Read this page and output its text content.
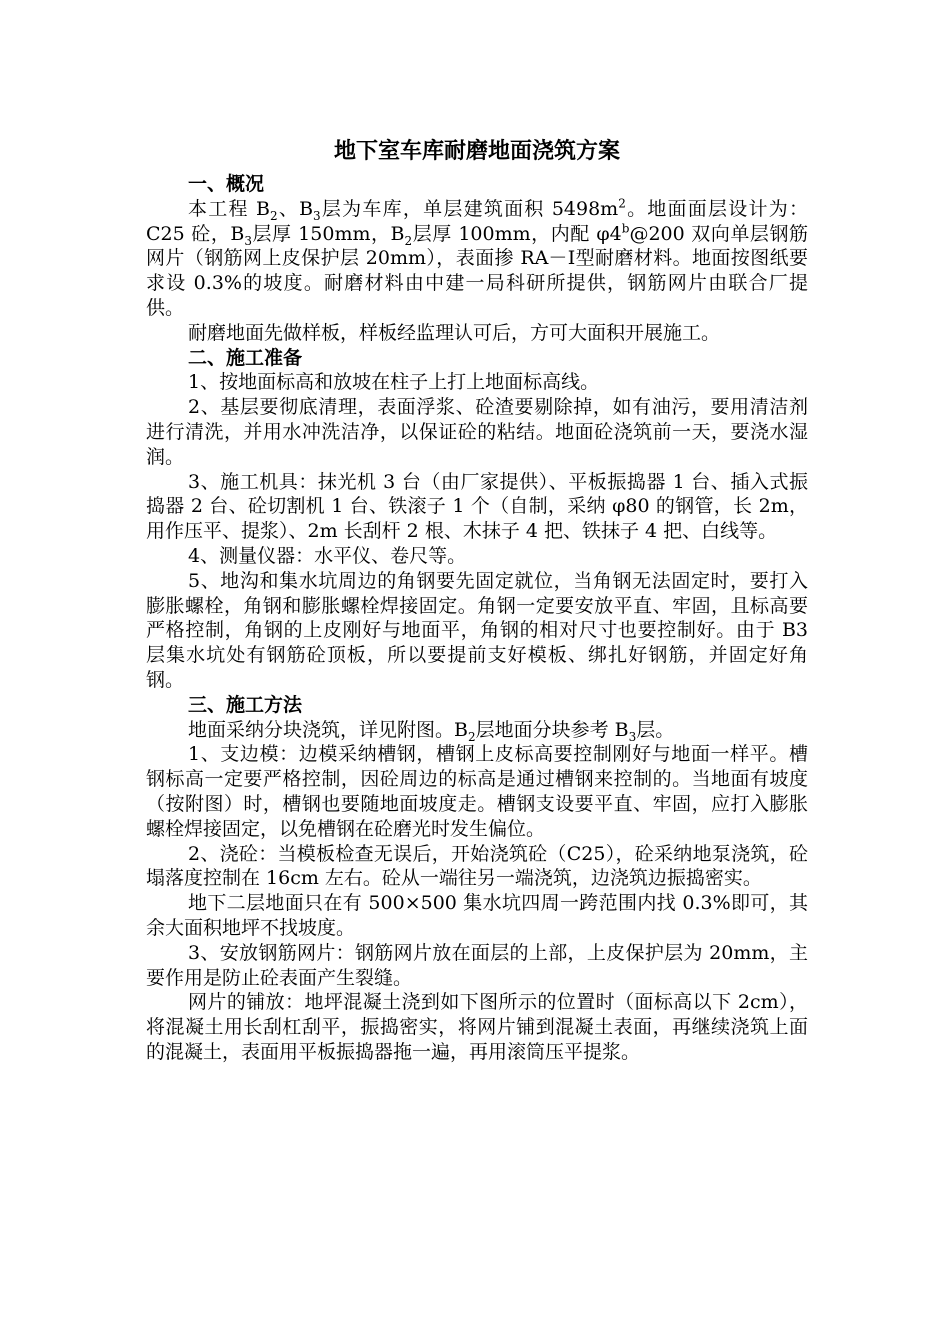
地下室车库耐磨地面浇筑方案
一、概况

本工程 $B_2$、$B_3$层为车库，单层建筑面积 $5498m^2$。地面面层设计为：C25 砼，$B_3$层厚 150mm，$B_2$层厚 100mm，内配 φ4$^b$@200 双向单层钢筋网片（钢筋网上皮保护层 20mm），表面掺 RA－Ⅰ型耐磨材料。地面按图纸要求设 0.3%的坡度。耐磨材料由中建一局科研所提供，钢筋网片由联合厂提供。

耐磨地面先做样板，样板经监理认可后，方可大面积开展施工。

二、施工准备

1、按地面标高和放坡在柱子上打上地面标高线。

2、基层要彻底清理，表面浮浆、砼渣要剔除掉，如有油污，要用清洁剂进行清洗，并用水冲洗洁净，以保证砼的粘结。地面砼浇筑前一天，要浇水湿润。

3、施工机具：抹光机 3 台（由厂家提供）、平板振捣器 1 台、插入式振捣器 2 台、砼切割机 1 台、铁滚子 1 个（自制，采纳 φ80 的钢管，长 2m，用作压平、提浆）、2m 长刮杆 2 根、木抹子 4 把、铁抹子 4 把、白线等。

4、测量仪器：水平仪、卷尺等。

5、地沟和集水坑周边的角钢要先固定就位，当角钢无法固定时，要打入膨胀螺栓，角钢和膨胀螺栓焊接固定。角钢一定要安放平直、牢固，且标高要严格控制，角钢的上皮刚好与地面平，角钢的相对尺寸也要控制好。由于 B3 层集水坑处有钢筋砼顶板，所以要提前支好模板、绑扎好钢筋，并固定好角钢。

三、施工方法

地面采纳分块浇筑，详见附图。$B_2$层地面分块参考 $B_3$层。

1、支边模：边模采纳槽钢，槽钢上皮标高要控制刚好与地面一样平。槽钢标高一定要严格控制，因砼周边的标高是通过槽钢来控制的。当地面有坡度（按附图）时，槽钢也要随地面坡度走。槽钢支设要平直、牢固，应打入膨胀螺栓焊接固定，以免槽钢在砼磨光时发生偏位。

2、浇砼：当模板检查无误后，开始浇筑砼（C25），砼采纳地泵浇筑，砼塌落度控制在 16cm 左右。砼从一端往另一端浇筑，边浇筑边振捣密实。

地下二层地面只在有 500×500 集水坑四周一跨范围内找 0.3%即可，其余大面积地坪不找坡度。

3、安放钢筋网片：钢筋网片放在面层的上部，上皮保护层为 20mm，主要作用是防止砼表面产生裂缝。

网片的铺放：地坪混凝土浇到如下图所示的位置时（面标高以下 2cm），将混凝土用长刮杠刮平，振捣密实，将网片铺到混凝土表面，再继续浇筑上面的混凝土，表面用平板振捣器拖一遍，再用滚筒压平提浆。
